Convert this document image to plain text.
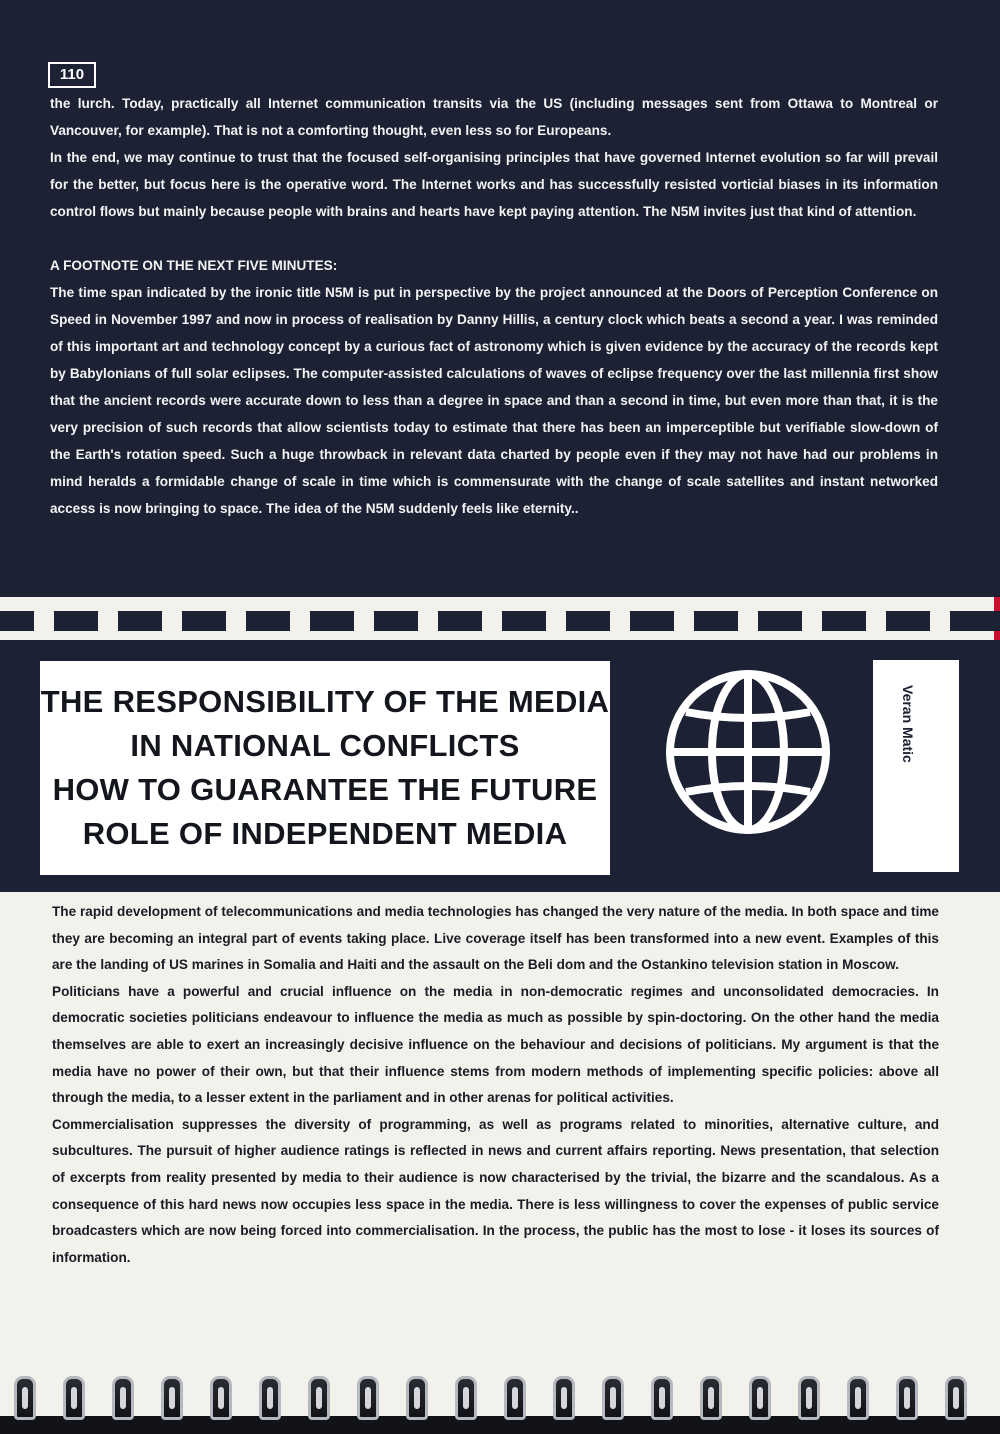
110

the lurch. Today, practically all Internet communication transits via the US (including messages sent from Ottawa to Montreal or Vancouver, for example). That is not a comforting thought, even less so for Europeans.

In the end, we may continue to trust that the focused self-organising principles that have governed Internet evolution so far will prevail for the better, but focus here is the operative word. The Internet works and has successfully resisted vorticial biases in its information control flows but mainly because people with brains and hearts have kept paying attention. The N5M invites just that kind of attention.

A FOOTNOTE ON THE NEXT FIVE MINUTES:

The time span indicated by the ironic title N5M is put in perspective by the project announced at the Doors of Perception Conference on Speed in November 1997 and now in process of realisation by Danny Hillis, a century clock which beats a second a year. I was reminded of this important art and technology concept by a curious fact of astronomy which is given evidence by the accuracy of the records kept by Babylonians of full solar eclipses. The computer-assisted calculations of waves of eclipse frequency over the last millennia first show that the ancient records were accurate down to less than a degree in space and than a second in time, but even more than that, it is the very precision of such records that allow scientists today to estimate that there has been an imperceptible but verifiable slow-down of the Earth's rotation speed. Such a huge throwback in relevant data charted by people even if they may not have had our problems in mind heralds a formidable change of scale in time which is commensurate with the change of scale satellites and instant networked access is now bringing to space. The idea of the N5M suddenly feels like eternity..

THE RESPONSIBILITY OF THE MEDIA
IN NATIONAL CONFLICTS
HOW TO GUARANTEE THE FUTURE
ROLE OF INDEPENDENT MEDIA
Veran Matic

The rapid development of telecommunications and media technologies has changed the very nature of the media. In both space and time they are becoming an integral part of events taking place. Live coverage itself has been transformed into a new event. Examples of this are the landing of US marines in Somalia and Haiti and the assault on the Beli dom and the Ostankino television station in Moscow.

Politicians have a powerful and crucial influence on the media in non-democratic regimes and unconsolidated democracies. In democratic societies politicians endeavour to influence the media as much as possible by spin-doctoring. On the other hand the media themselves are able to exert an increasingly decisive influence on the behaviour and decisions of politicians. My argument is that the media have no power of their own, but that their influence stems from modern methods of implementing specific policies: above all through the media, to a lesser extent in the parliament and in other arenas for political activities.

Commercialisation suppresses the diversity of programming, as well as programs related to minorities, alternative culture, and subcultures. The pursuit of higher audience ratings is reflected in news and current affairs reporting. News presentation, that selection of excerpts from reality presented by media to their audience is now characterised by the trivial, the bizarre and the scandalous. As a consequence of this hard news now occupies less space in the media. There is less willingness to cover the expenses of public service broadcasters which are now being forced into commercialisation. In the process, the public has the most to lose - it loses its sources of information.
